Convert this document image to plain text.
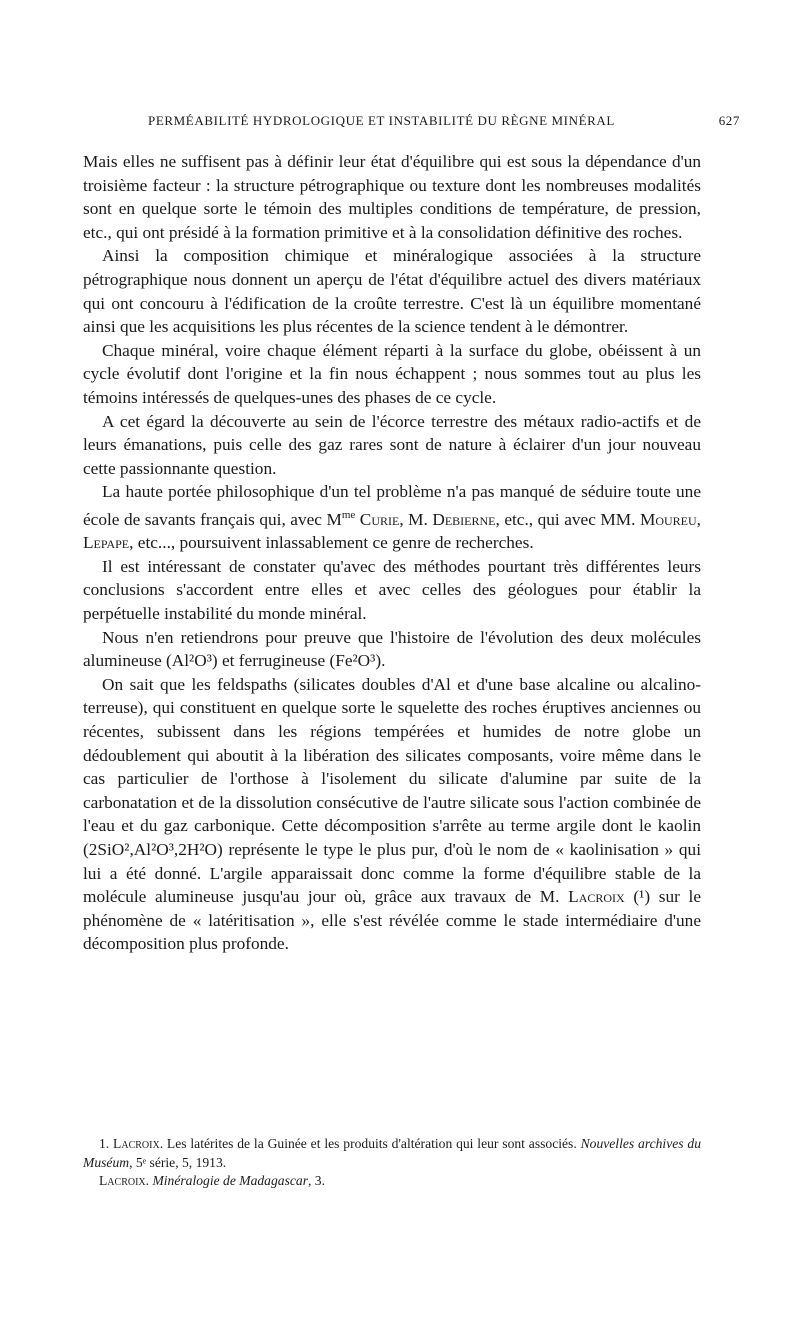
PERMÉABILITÉ HYDROLOGIQUE ET INSTABILITÉ DU RÈGNE MINÉRAL	627

Mais elles ne suffisent pas à définir leur état d'équilibre qui est sous la dépendance d'un troisième facteur : la structure pétrographique ou texture dont les nombreuses modalités sont en quelque sorte le témoin des multiples conditions de température, de pression, etc., qui ont présidé à la formation primitive et à la consolidation définitive des roches.

Ainsi la composition chimique et minéralogique associées à la structure pétrographique nous donnent un aperçu de l'état d'équilibre actuel des divers matériaux qui ont concouru à l'édification de la croûte terrestre. C'est là un équilibre momentané ainsi que les acquisitions les plus récentes de la science tendent à le démontrer.

Chaque minéral, voire chaque élément réparti à la surface du globe, obéissent à un cycle évolutif dont l'origine et la fin nous échappent ; nous sommes tout au plus les témoins intéressés de quelques-unes des phases de ce cycle.

A cet égard la découverte au sein de l'écorce terrestre des métaux radio-actifs et de leurs émanations, puis celle des gaz rares sont de nature à éclairer d'un jour nouveau cette passionnante question.

La haute portée philosophique d'un tel problème n'a pas manqué de séduire toute une école de savants français qui, avec $M^{me}$ Curie, M. Debierne, etc., qui avec MM. Moureu, Lepape, etc..., poursuivent inlassablement ce genre de recherches.

Il est intéressant de constater qu'avec des méthodes pourtant très différentes leurs conclusions s'accordent entre elles et avec celles des géologues pour établir la perpétuelle instabilité du monde minéral.

Nous n'en retiendrons pour preuve que l'histoire de l'évolution des deux molécules alumineuse (Al²O³) et ferrugineuse (Fe²O³).

On sait que les feldspaths (silicates doubles d'Al et d'une base alcaline ou alcalino-terreuse), qui constituent en quelque sorte le squelette des roches éruptives anciennes ou récentes, subissent dans les régions tempérées et humides de notre globe un dédoublement qui aboutit à la libération des silicates composants, voire même dans le cas particulier de l'orthose à l'isolement du silicate d'alumine par suite de la carbonatation et de la dissolution consécutive de l'autre silicate sous l'action combinée de l'eau et du gaz carbonique. Cette décomposition s'arrête au terme argile dont le kaolin (2SiO²,Al²O³,2H²O) représente le type le plus pur, d'où le nom de « kaolinisation » qui lui a été donné. L'argile apparaissait donc comme la forme d'équilibre stable de la molécule alumineuse jusqu'au jour où, grâce aux travaux de M. Lacroix (¹) sur le phénomène de « latéritisation », elle s'est révélée comme le stade intermédiaire d'une décomposition plus profonde.

1. Lacroix. Les latérites de la Guinée et les produits d'altération qui leur sont associés. Nouvelles archives du Muséum, 5ᵉ série, 5, 1913.

Lacroix. Minéralogie de Madagascar, 3.
